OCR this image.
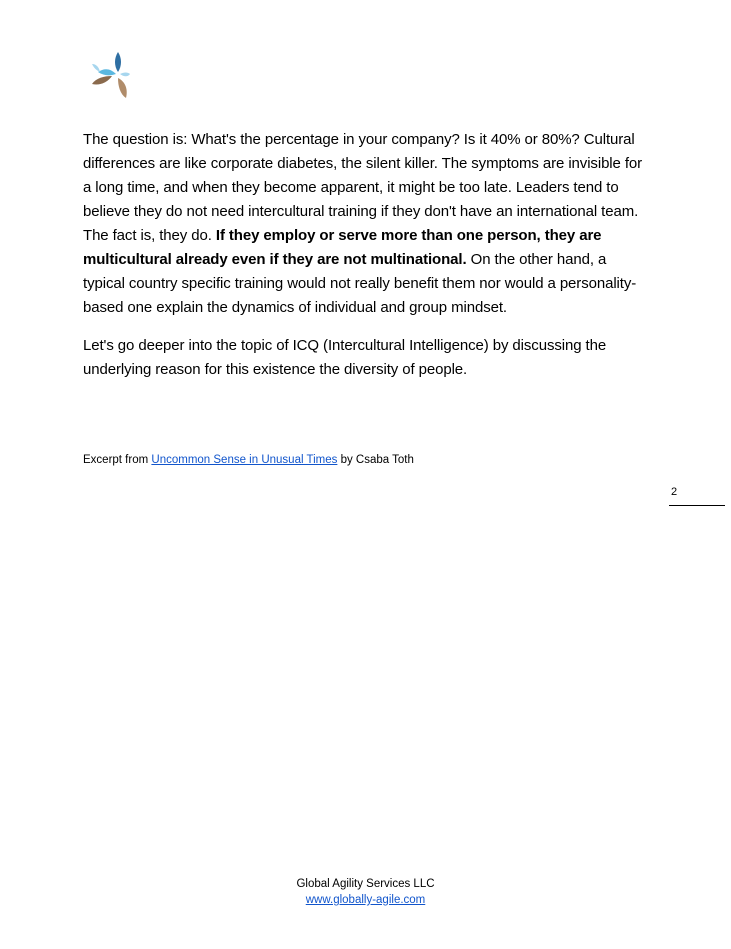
The question is: What's the percentage in your company? Is it 40% or 80%? Cultural differences are like corporate diabetes, the silent killer. The symptoms are invisible for a long time, and when they become apparent, it might be too late. Leaders tend to believe they do not need intercultural training if they don't have an international team. The fact is, they do. If they employ or serve more than one person, they are multicultural already even if they are not multinational. On the other hand, a typical country specific training would not really benefit them nor would a personality-based one explain the dynamics of individual and group mindset.

Let's go deeper into the topic of ICQ (Intercultural Intelligence) by discussing the underlying reason for this existence the diversity of people.

Excerpt from Uncommon Sense in Unusual Times by Csaba Toth
2
Global Agility Services LLC
www.globally-agile.com
